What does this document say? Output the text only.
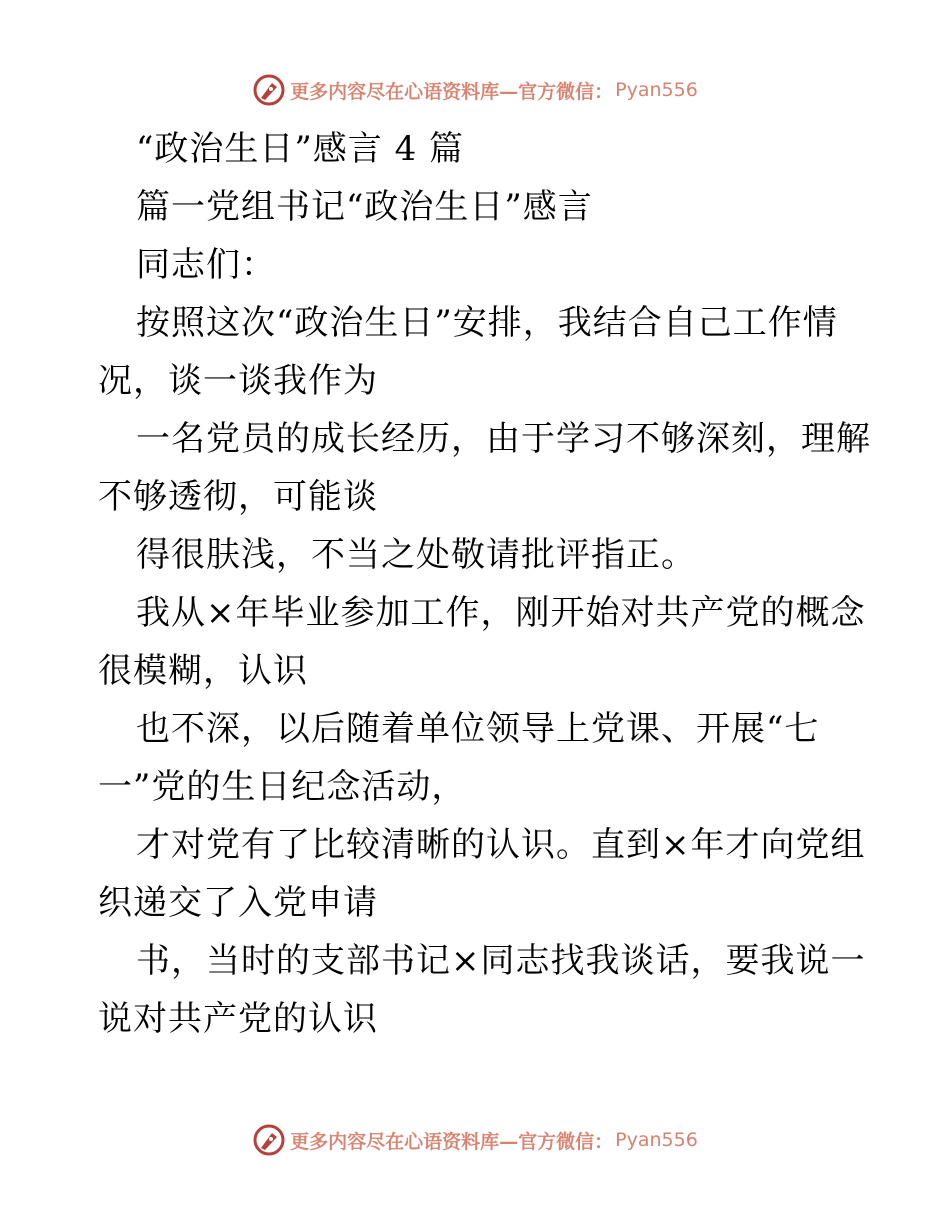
更多内容尽在心语资料库—官方微信： Pyan556
“政治生日”感言 4 篇
篇一党组书记“政治生日”感言
同志们：
按照这次“政治生日”安排，我结合自己工作情
况，谈一谈我作为
一名党员的成长经历，由于学习不够深刻，理解
不够透彻，可能谈
得很肤浅，不当之处敬请批评指正。
我从×年毕业参加工作，刚开始对共产党的概念
很模糊，认识
也不深，以后随着单位领导上党课、开展“七
一”党的生日纪念活动，
才对党有了比较清晰的认识。直到×年才向党组
织递交了入党申请
书，当时的支部书记×同志找我谈话，要我说一
说对共产党的认识
更多内容尽在心语资料库—官方微信： Pyan556
